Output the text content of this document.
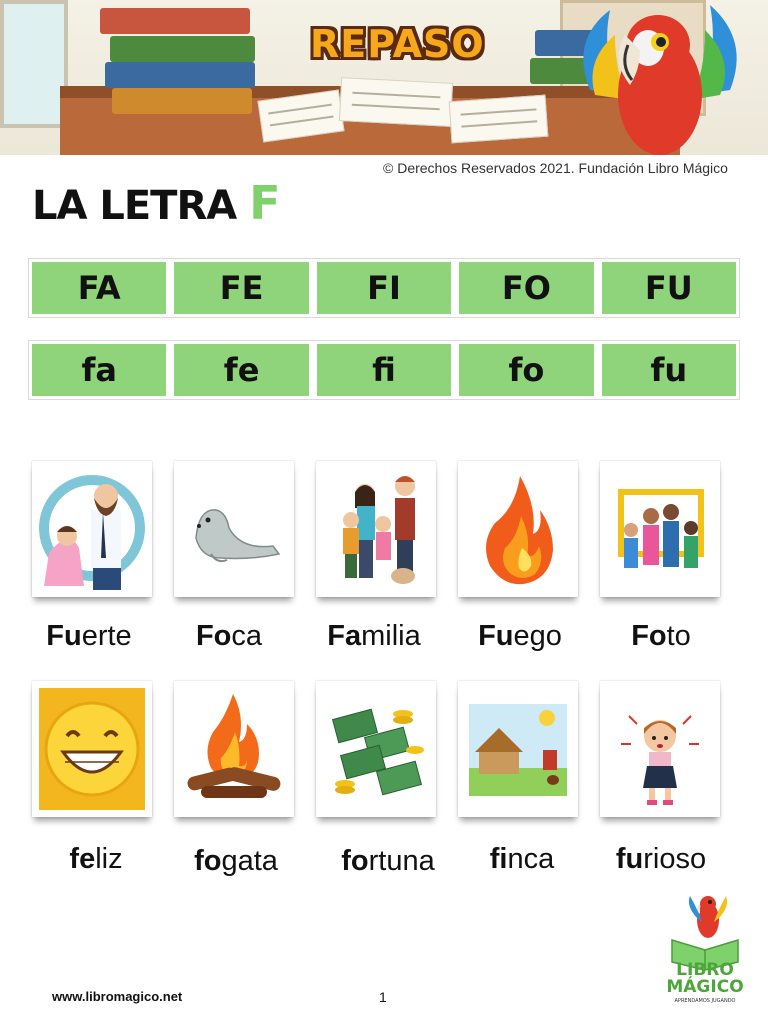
REPASO
© Derechos Reservados 2021. Fundación Libro Mágico
LA LETRA F
FA	FE	FI	FO	FU
fa	fe	fi	fo	fu
Fuerte	Foca	Familia	Fuego	Foto
feliz	fogata	fortuna	finca	furioso
www.libromagico.net	1
LIBRO
MÁGICO
APRENDAMOS JUGANDO
